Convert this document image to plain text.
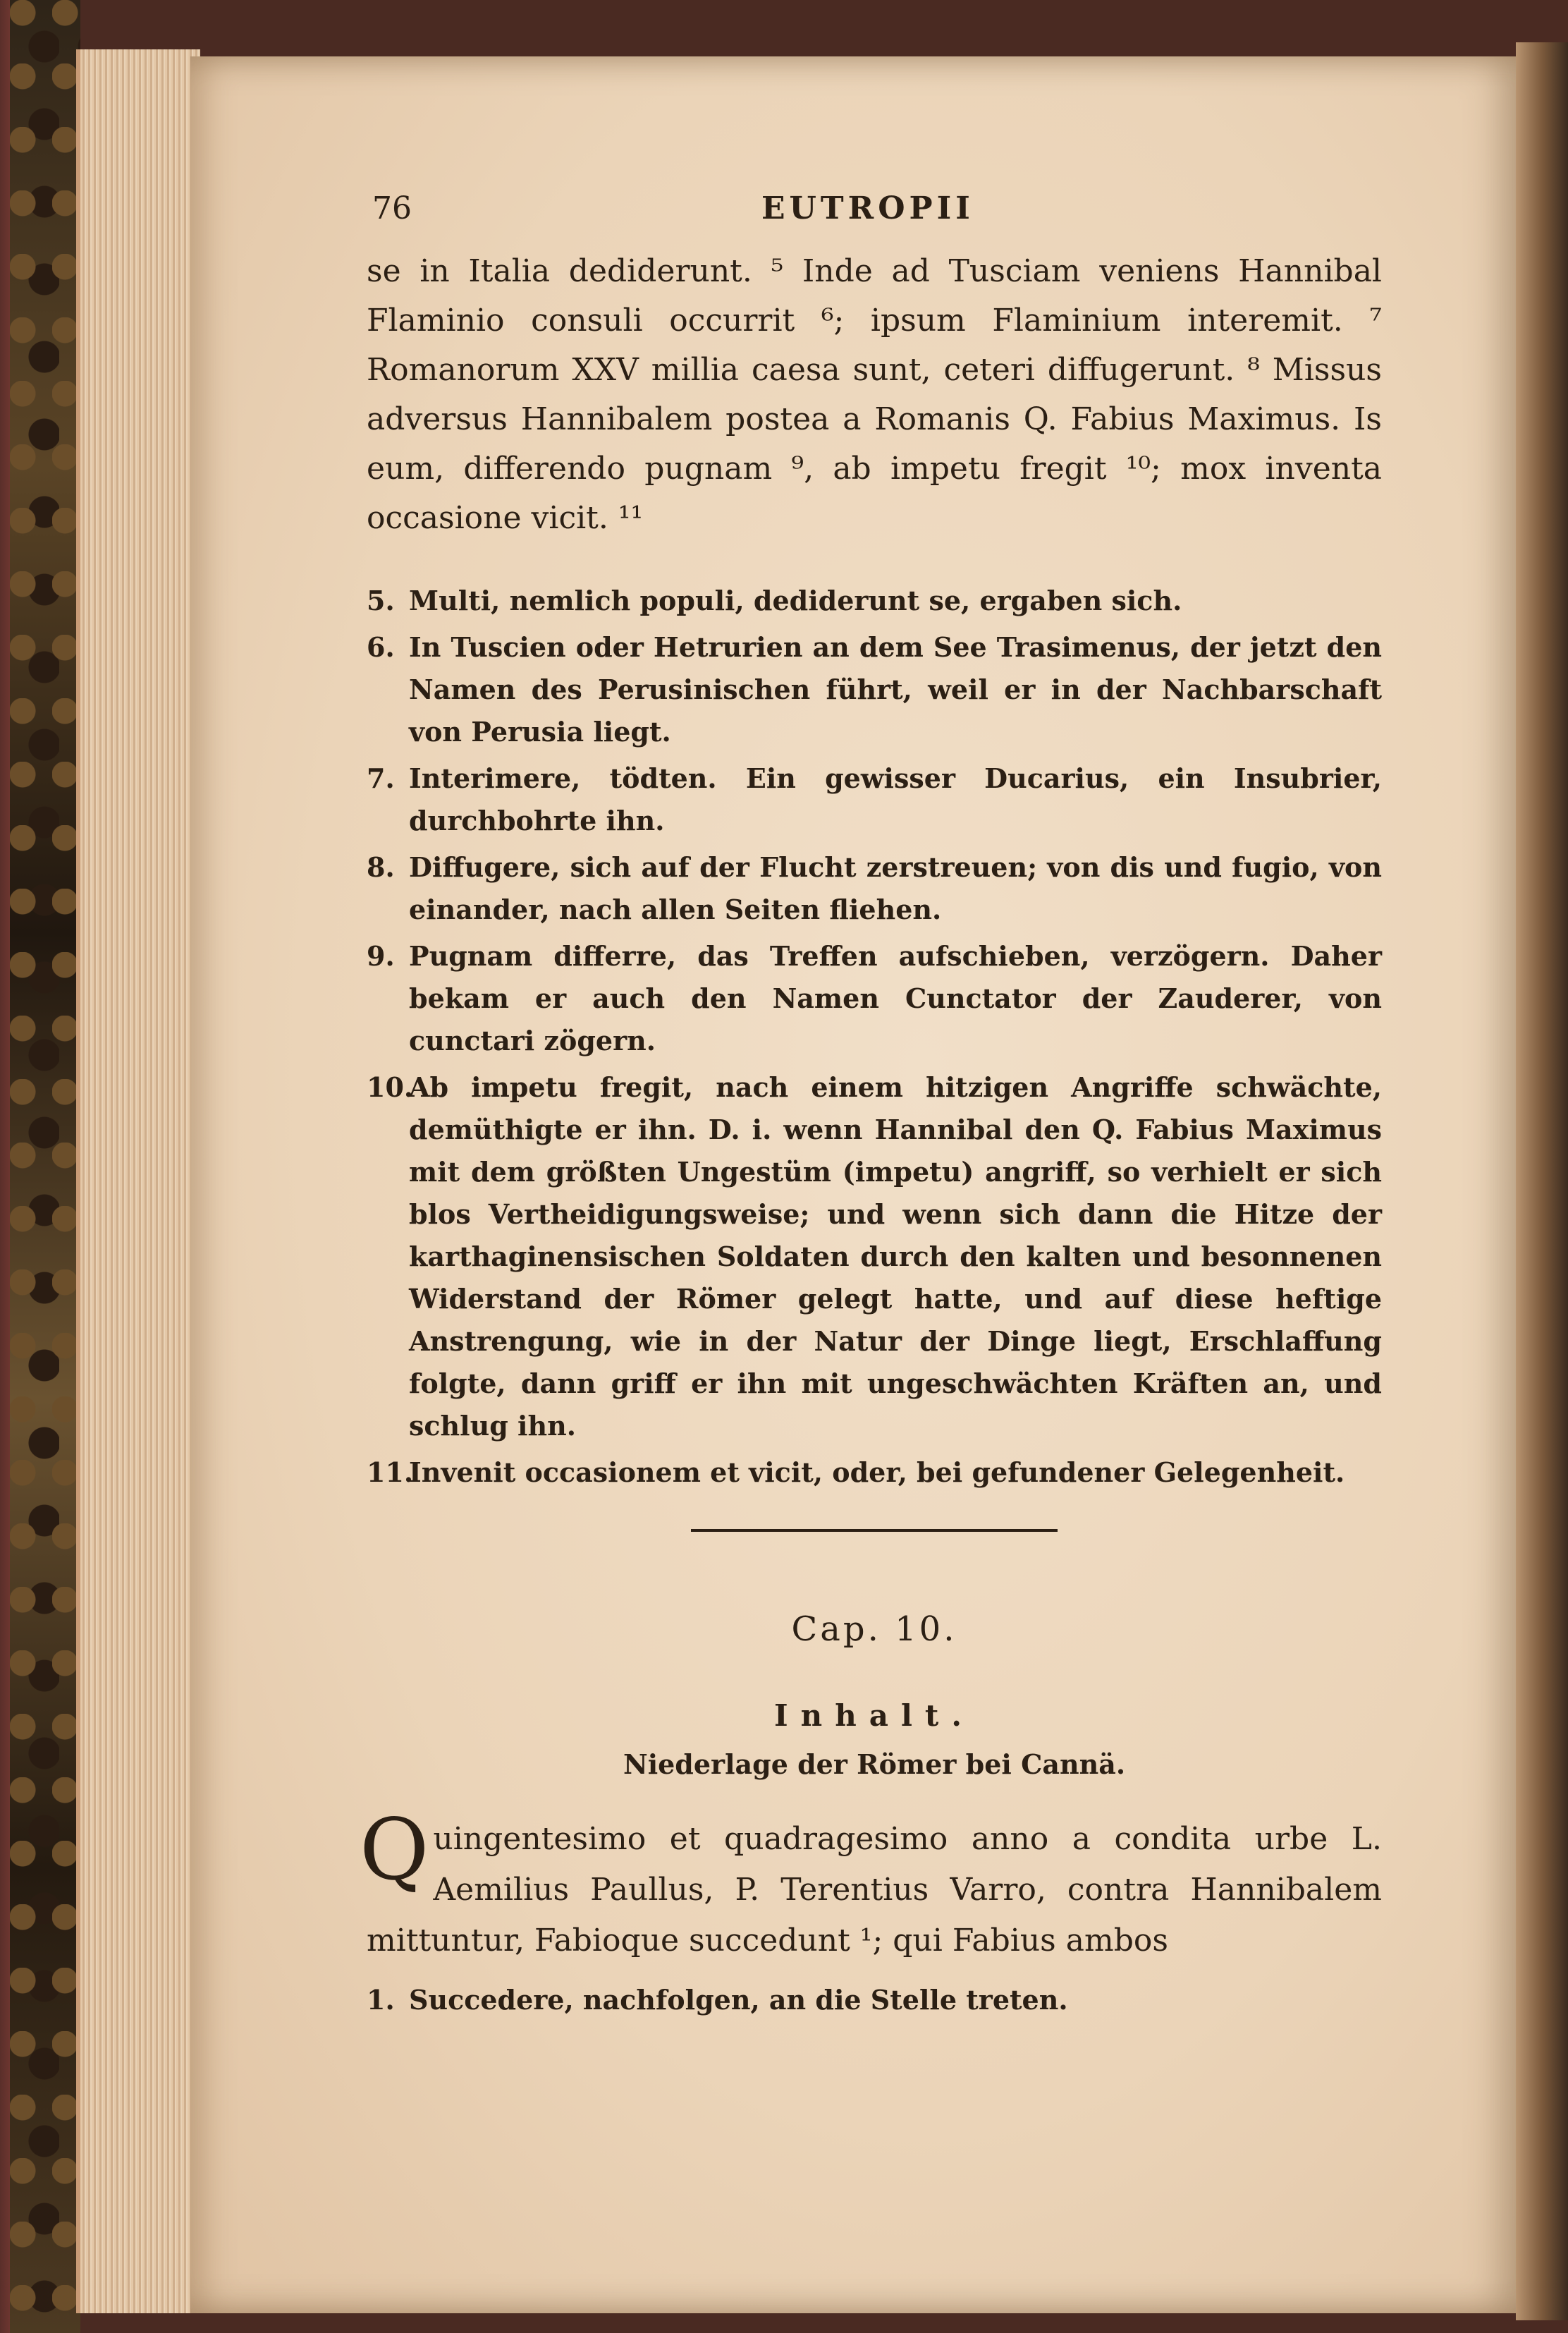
76	EUTROPII

se in Italia dediderunt. ⁵ Inde ad Tusciam veniens Hannibal Flaminio consuli occurrit ⁶; ipsum Flaminium interemit. ⁷ Romanorum XXV millia caesa sunt, ceteri diffugerunt. ⁸ Missus adversus Hannibalem postea a Romanis Q. Fabius Maximus. Is eum, differendo pugnam ⁹, ab impetu fregit ¹⁰; mox inventa occasione vicit. ¹¹

5. Multi, nemlich populi, dediderunt se, ergaben sich.
6. In Tuscien oder Hetrurien an dem See Trasimenus, der jetzt den Namen des Perusinischen führt, weil er in der Nachbarschaft von Perusia liegt.
7. Interimere, tödten. Ein gewisser Ducarius, ein Insubrier, durchbohrte ihn.
8. Diffugere, sich auf der Flucht zerstreuen; von dis und fugio, von einander, nach allen Seiten fliehen.
9. Pugnam differre, das Treffen aufschieben, verzögern. Daher bekam er auch den Namen Cunctator der Zauderer, von cunctari zögern.
10.
Ab impetu fregit, nach einem hitzigen Angriffe schwächte, demüthigte er ihn. D. i. wenn Hannibal den Q. Fabius Maximus mit dem größten Ungestüm (impetu) angriff, so verhielt er sich blos Vertheidigungsweise; und wenn sich dann die Hitze der karthaginensischen Soldaten durch den kalten und besonnenen Widerstand der Römer gelegt hatte, und auf diese heftige Anstrengung, wie in der Natur der Dinge liegt, Erschlaffung folgte, dann griff er ihn mit ungeschwächten Kräften an, und schlug ihn.
11.
Invenit occasionem et vicit, oder, bei gefundener Gelegenheit.
Cap. 10.
Inhalt.
Niederlage der Römer bei Cannä.
Q uingentesimo et quadragesimo anno a condita urbe L. Aemilius Paullus, P. Terentius Varro, contra Hannibalem mittuntur, Fabioque succedunt ¹; qui Fabius ambos
1. Succedere, nachfolgen, an die Stelle treten.
